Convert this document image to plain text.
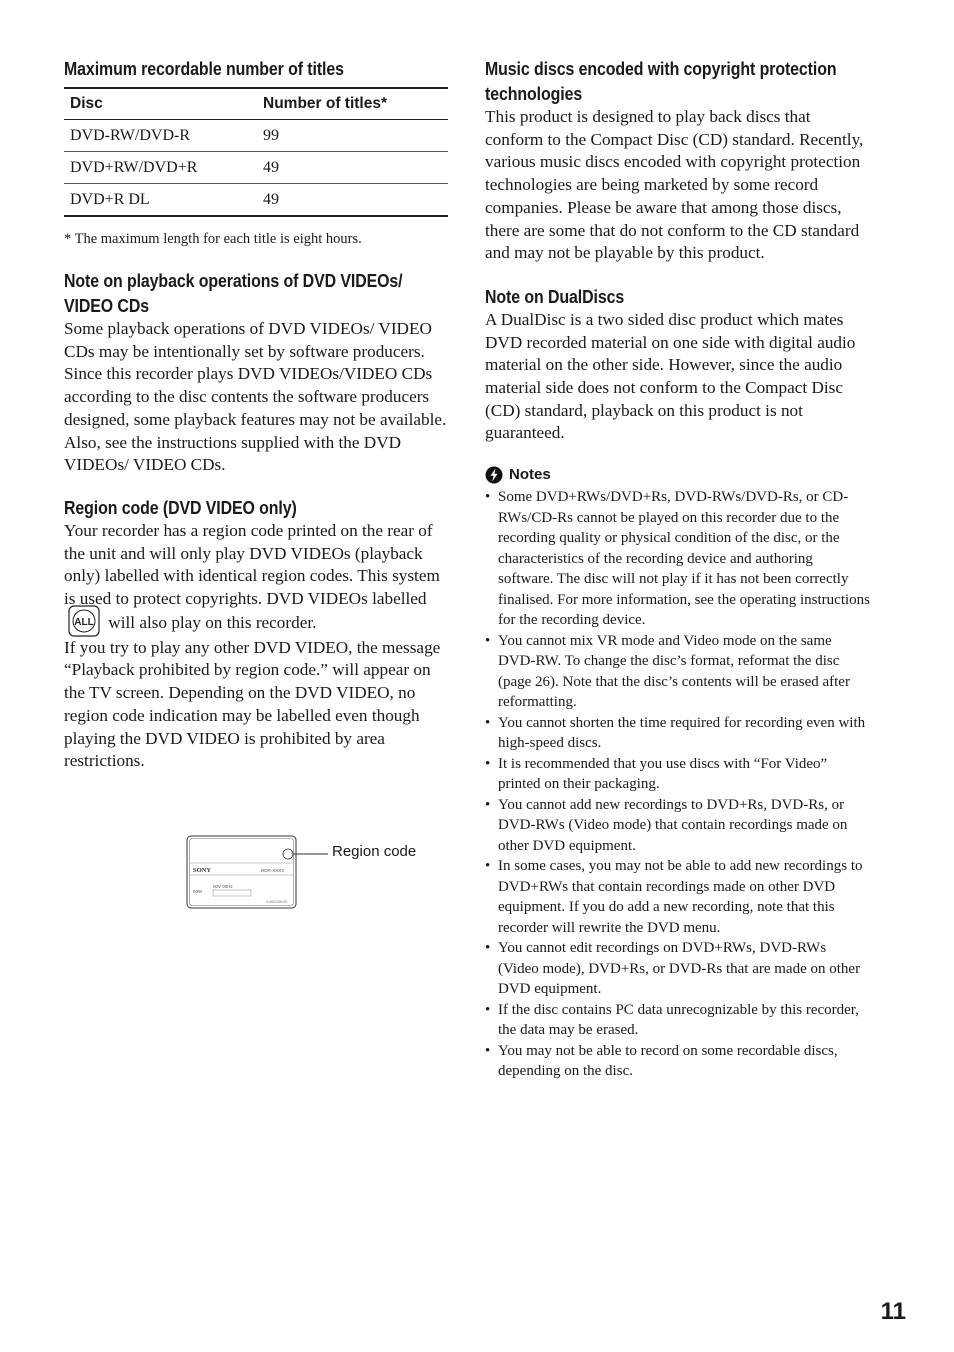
Maximum recordable number of titles
Disc	Number of titles*
DVD-RW/DVD-R	99
DVD+RW/DVD+R	49
DVD+R DL	49

* The maximum length for each title is eight hours.

Note on playback operations of DVD VIDEOs/ VIDEO CDs

Some playback operations of DVD VIDEOs/ VIDEO CDs may be intentionally set by software producers. Since this recorder plays DVD VIDEOs/VIDEO CDs according to the disc contents the software producers designed, some playback features may not be available. Also, see the instructions supplied with the DVD VIDEOs/ VIDEO CDs.

Region code (DVD VIDEO only)

Your recorder has a region code printed on the rear of the unit and will only play DVD VIDEOs (playback only) labelled with identical region codes. This system is used to protect copyrights. DVD VIDEOs labelled
ALL will also play on this recorder.

If you try to play any other DVD VIDEO, the message “Playback prohibited by region code.” will appear on the TV screen. Depending on the DVD VIDEO, no region code indication may be labelled even though playing the DVD VIDEO is prohibited by area restrictions.

SONY	RDR-XXXX
00V 00Hz
00W
0-000-000-00
Region code
Music discs encoded with copyright protection technologies

This product is designed to play back discs that conform to the Compact Disc (CD) standard. Recently, various music discs encoded with copyright protection technologies are being marketed by some record companies. Please be aware that among those discs, there are some that do not conform to the CD standard and may not be playable by this product.

Note on DualDiscs

A DualDisc is a two sided disc product which mates DVD recorded material on one side with digital audio material on the other side. However, since the audio material side does not conform to the Compact Disc (CD) standard, playback on this product is not guaranteed.

Notes
• Some DVD+RWs/DVD+Rs, DVD-RWs/DVD-Rs, or CD-RWs/CD-Rs cannot be played on this recorder due to the recording quality or physical condition of the disc, or the characteristics of the recording device and authoring software. The disc will not play if it has not been correctly finalised. For more information, see the operating instructions for the recording device.
• You cannot mix VR mode and Video mode on the same DVD-RW. To change the disc’s format, reformat the disc (page 26). Note that the disc’s contents will be erased after reformatting.
• You cannot shorten the time required for recording even with high-speed discs.
• It is recommended that you use discs with “For Video” printed on their packaging.
• You cannot add new recordings to DVD+Rs, DVD-Rs, or DVD-RWs (Video mode) that contain recordings made on other DVD equipment.
• In some cases, you may not be able to add new recordings to DVD+RWs that contain recordings made on other DVD equipment. If you do add a new recording, note that this recorder will rewrite the DVD menu.
• You cannot edit recordings on DVD+RWs, DVD-RWs (Video mode), DVD+Rs, or DVD-Rs that are made on other DVD equipment.
• If the disc contains PC data unrecognizable by this recorder, the data may be erased.
• You may not be able to record on some recordable discs, depending on the disc.
11
